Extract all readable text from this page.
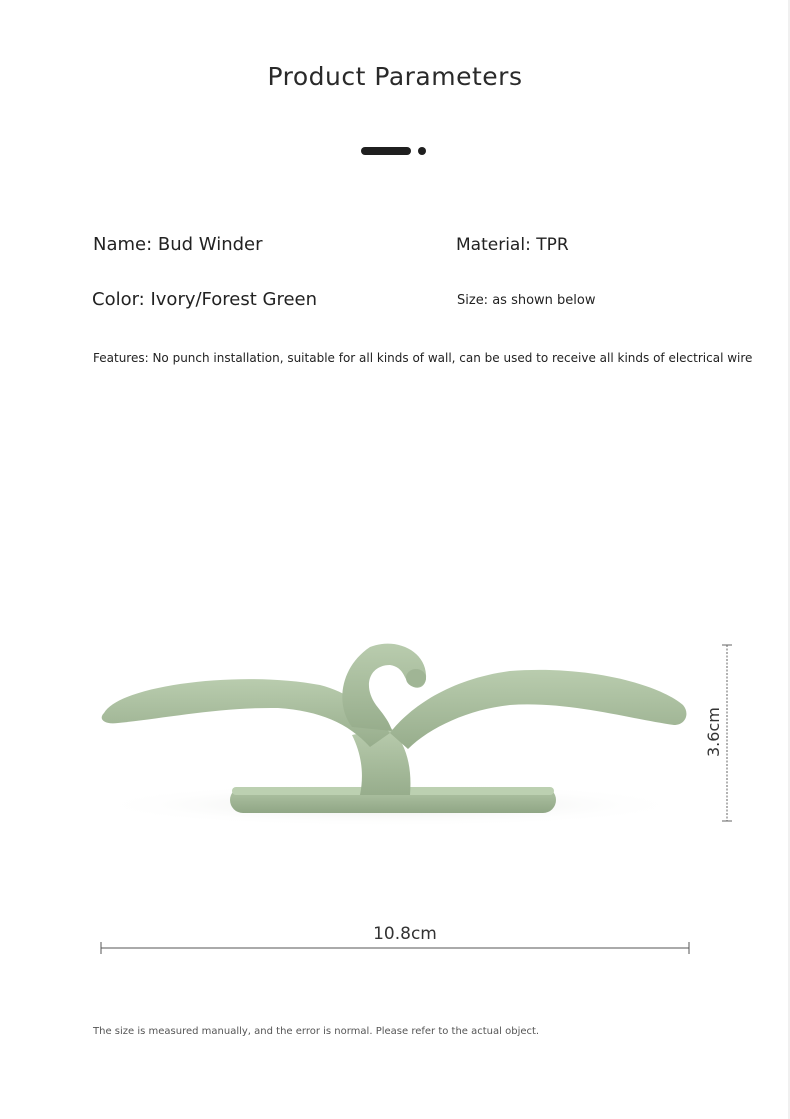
Product Parameters
Name: Bud Winder	Material: TPR
Color: Ivory/Forest Green	Size: as shown below
Features: No punch installation, suitable for all kinds of wall, can be used to receive all kinds of electrical wire
3.6cm
10.8cm
The size is measured manually, and the error is normal. Please refer to the actual object.
